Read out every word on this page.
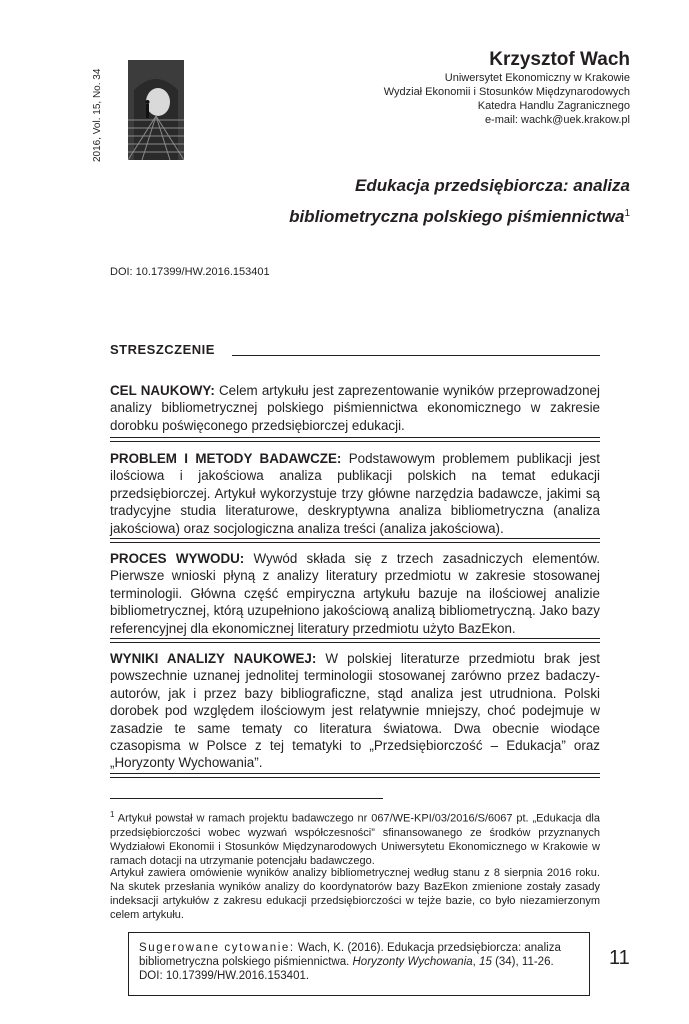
2016, Vol. 15, No. 34
Krzysztof Wach
Uniwersytet Ekonomiczny w Krakowie
Wydział Ekonomii i Stosunków Międzynarodowych
Katedra Handlu Zagranicznego
e-mail: wachk@uek.krakow.pl
Edukacja przedsiębiorcza: analiza
bibliometryczna polskiego piśmiennictwa$^1$
DOI: 10.17399/HW.2016.153401
STRESZCZENIE
CEL NAUKOWY: Celem artykułu jest zaprezentowanie wyników przeprowadzonej analizy bibliometrycznej polskiego piśmiennictwa ekonomicznego w zakresie dorobku poświęconego przedsiębiorczej edukacji.
PROBLEM I METODY BADAWCZE: Podstawowym problemem publikacji jest ilościowa i jakościowa analiza publikacji polskich na temat edukacji przedsiębiorczej. Artykuł wykorzystuje trzy główne narzędzia badawcze, jakimi są tradycyjne studia literaturowe, deskryptywna analiza bibliometryczna (analiza jakościowa) oraz socjologiczna analiza treści (analiza jakościowa).
PROCES WYWODU: Wywód składa się z trzech zasadniczych elementów. Pierwsze wnioski płyną z analizy literatury przedmiotu w zakresie stosowanej terminologii. Główna część empiryczna artykułu bazuje na ilościowej analizie bibliometrycznej, którą uzupełniono jakościową analizą bibliometryczną. Jako bazy referencyjnej dla ekonomicznej literatury przedmiotu użyto BazEkon.
WYNIKI ANALIZY NAUKOWEJ: W polskiej literaturze przedmiotu brak jest powszechnie uznanej jednolitej terminologii stosowanej zarówno przez badaczy-autorów, jak i przez bazy bibliograficzne, stąd analiza jest utrudniona. Polski dorobek pod względem ilościowym jest relatywnie mniejszy, choć podejmuje w zasadzie te same tematy co literatura światowa. Dwa obecnie wiodące czasopisma w Polsce z tej tematyki to „Przedsiębiorczość – Edukacja” oraz „Horyzonty Wychowania”.
$^1$ Artykuł powstał w ramach projektu badawczego nr 067/WE-KPI/03/2016/S/6067 pt. „Edukacja dla przedsiębiorczości wobec wyzwań współczesności” sfinansowanego ze środków przyznanych Wydziałowi Ekonomii i Stosunków Międzynarodowych Uniwersytetu Ekonomicznego w Krakowie w ramach dotacji na utrzymanie potencjału badawczego.
Artykuł zawiera omówienie wyników analizy bibliometrycznej według stanu z 8 sierpnia 2016 roku. Na skutek przesłania wyników analizy do koordynatorów bazy BazEkon zmienione zostały zasady indeksacji artykułów z zakresu edukacji przedsiębiorczości w tejże bazie, co było niezamierzonym celem artykułu.
Sugerowane cytowanie: Wach, K. (2016). Edukacja przedsiębiorcza: analiza bibliometryczna polskiego piśmiennictwa. Horyzonty Wychowania, 15 (34), 11-26. DOI: 10.17399/HW.2016.153401.
11
